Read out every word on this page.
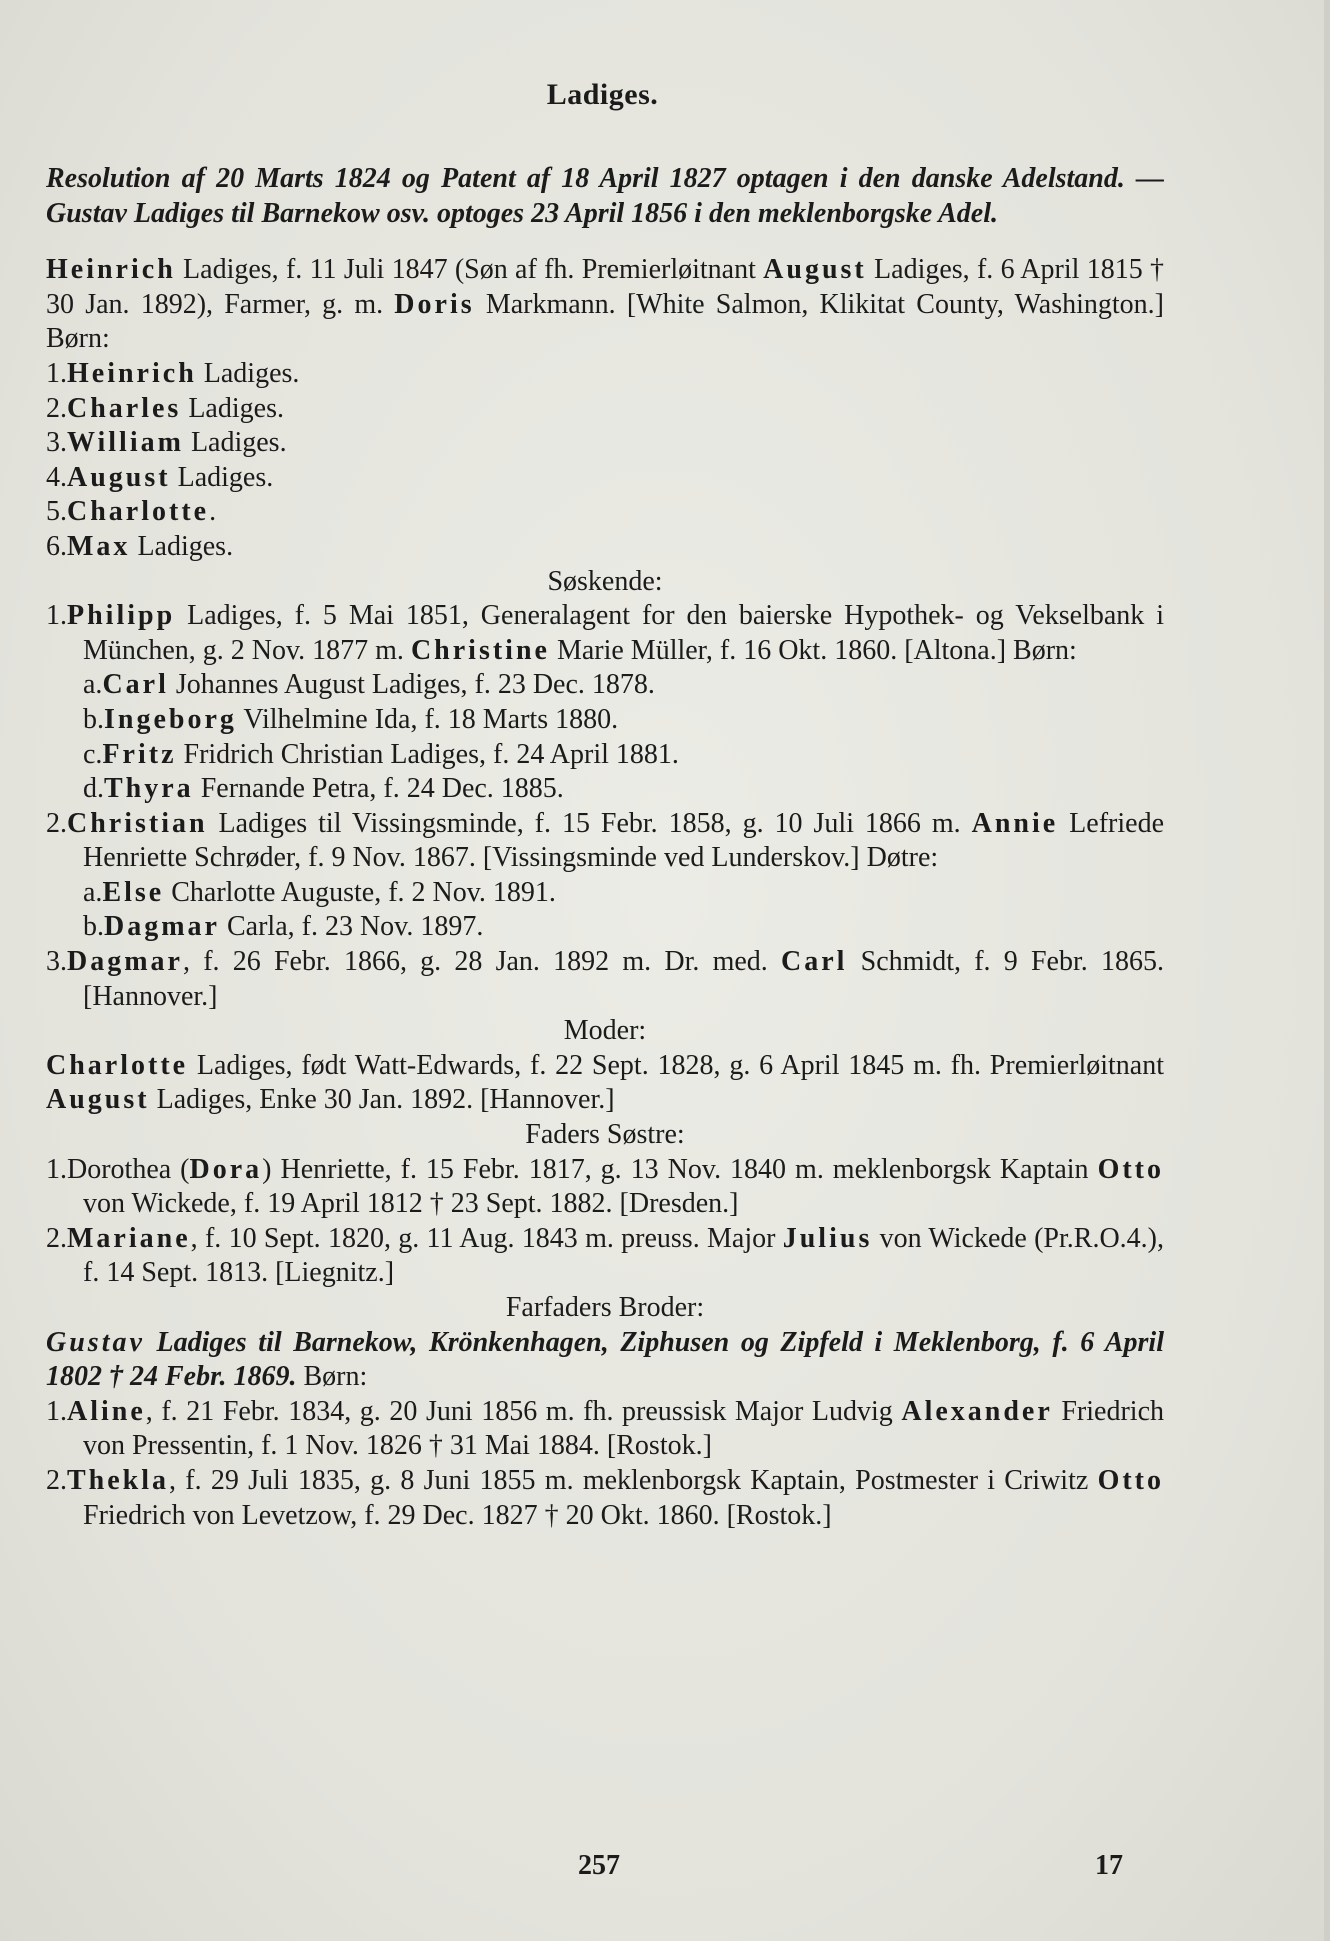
Ladiges.

Resolution af 20 Marts 1824 og Patent af 18 April 1827 optagen i den danske Adelstand. — Gustav Ladiges til Barnekow osv. optoges 23 April 1856 i den meklenborgske Adel.

Heinrich Ladiges, f. 11 Juli 1847 (Søn af fh. Premierløitnant August Ladiges, f. 6 April 1815 † 30 Jan. 1892), Farmer, g. m. Doris Markmann. [White Salmon, Klikitat County, Washington.] Børn:

1.Heinrich Ladiges.

2.Charles Ladiges.

3.William Ladiges.

4.August Ladiges.

5.Charlotte.

6.Max Ladiges.

Søskende:

1.Philipp Ladiges, f. 5 Mai 1851, Generalagent for den baierske Hypothek- og Vekselbank i München, g. 2 Nov. 1877 m. Christine Marie Müller, f. 16 Okt. 1860. [Altona.] Børn:

a.Carl Johannes August Ladiges, f. 23 Dec. 1878.

b.Ingeborg Vilhelmine Ida, f. 18 Marts 1880.

c.Fritz Fridrich Christian Ladiges, f. 24 April 1881.

d.Thyra Fernande Petra, f. 24 Dec. 1885.

2.Christian Ladiges til Vissingsminde, f. 15 Febr. 1858, g. 10 Juli 1866 m. Annie Lefriede Henriette Schrøder, f. 9 Nov. 1867. [Vissingsminde ved Lunderskov.] Døtre:

a.Else Charlotte Auguste, f. 2 Nov. 1891.

b.Dagmar Carla, f. 23 Nov. 1897.

3.Dagmar, f. 26 Febr. 1866, g. 28 Jan. 1892 m. Dr. med. Carl Schmidt, f. 9 Febr. 1865. [Hannover.]

Moder:

Charlotte Ladiges, født Watt-Edwards, f. 22 Sept. 1828, g. 6 April 1845 m. fh. Premierløitnant August Ladiges, Enke 30 Jan. 1892. [Hannover.]

Faders Søstre:

1.Dorothea (Dora) Henriette, f. 15 Febr. 1817, g. 13 Nov. 1840 m. meklenborgsk Kaptain Otto von Wickede, f. 19 April 1812 † 23 Sept. 1882. [Dresden.]

2.Mariane, f. 10 Sept. 1820, g. 11 Aug. 1843 m. preuss. Major Julius von Wickede (Pr.R.O.4.), f. 14 Sept. 1813. [Liegnitz.]

Farfaders Broder:

Gustav Ladiges til Barnekow, Krönkenhagen, Ziphusen og Zipfeld i Meklenborg, f. 6 April 1802 † 24 Febr. 1869. Børn:

1.Aline, f. 21 Febr. 1834, g. 20 Juni 1856 m. fh. preussisk Major Ludvig Alexander Friedrich von Pressentin, f. 1 Nov. 1826 † 31 Mai 1884. [Rostok.]

2.Thekla, f. 29 Juli 1835, g. 8 Juni 1855 m. meklenborgsk Kaptain, Postmester i Criwitz Otto Friedrich von Levetzow, f. 29 Dec. 1827 † 20 Okt. 1860. [Rostok.]

257	17
